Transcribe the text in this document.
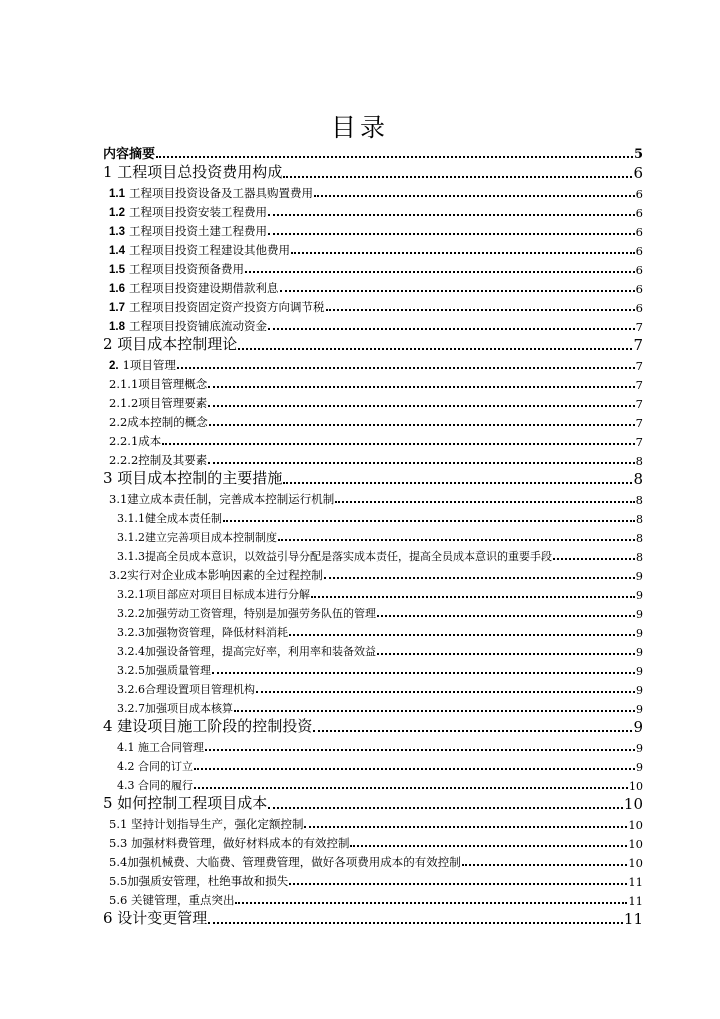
目录
内容摘要	5
1 工程项目总投资费用构成	6
1.1 工程项目投资设备及工器具购置费用	6
1.2 工程项目投资安装工程费用	6
1.3 工程项目投资土建工程费用	6
1.4 工程项目投资工程建设其他费用	6
1.5 工程项目投资预备费用	6
1.6 工程项目投资建设期借款利息	6
1.7 工程项目投资固定资产投资方向调节税	6
1.8 工程项目投资铺底流动资金	7
2 项目成本控制理论	7
2. 1项目管理	7
2.1.1项目管理概念	7
2.1.2项目管理要素	7
2.2成本控制的概念	7
2.2.1成本	7
2.2.2控制及其要素	8
3 项目成本控制的主要措施	8
3.1建立成本责任制，完善成本控制运行机制	8
3.1.1健全成本责任制	8
3.1.2建立完善项目成本控制制度	8
3.1.3提高全员成本意识，以效益引导分配是落实成本责任，提高全员成本意识的重要手段	8
3.2实行对企业成本影响因素的全过程控制	9
3.2.1项目部应对项目目标成本进行分解	9
3.2.2加强劳动工资管理，特别是加强劳务队伍的管理	9
3.2.3加强物资管理，降低材料消耗	9
3.2.4加强设备管理，提高完好率，利用率和装备效益	9
3.2.5加强质量管理	9
3.2.6合理设置项目管理机构	9
3.2.7加强项目成本核算	9
4 建设项目施工阶段的控制投资	9
4.1 施工合同管理	9
4.2 合同的订立	9
4.3 合同的履行	10
5 如何控制工程项目成本	10
5.1 坚持计划指导生产，强化定额控制	10
5.3 加强材料费管理，做好材料成本的有效控制	10
5.4加强机械费、大临费、管理费管理，做好各项费用成本的有效控制	10
5.5加强质安管理，杜绝事故和损失	11
5.6 关键管理，重点突出	11
6 设计变更管理	11
